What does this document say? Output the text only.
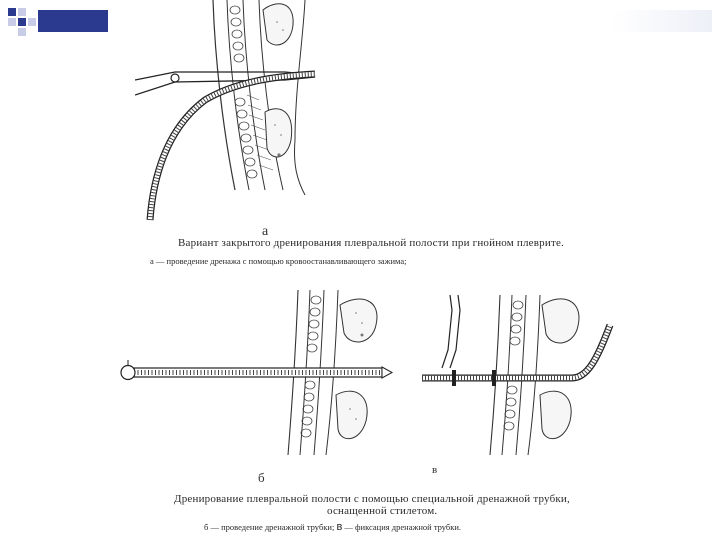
а
Вариант закрытого дренирования плевральной полости при гнойном плеврите.
а — проведение дренажа с помощью кровоостанавливающего зажима;
б	в
Дренирование плевральной полости с помощью специальной дренажной трубки,
оснащенной стилетом.
б — проведение дренажной трубки; в — фиксация дренажной трубки.
